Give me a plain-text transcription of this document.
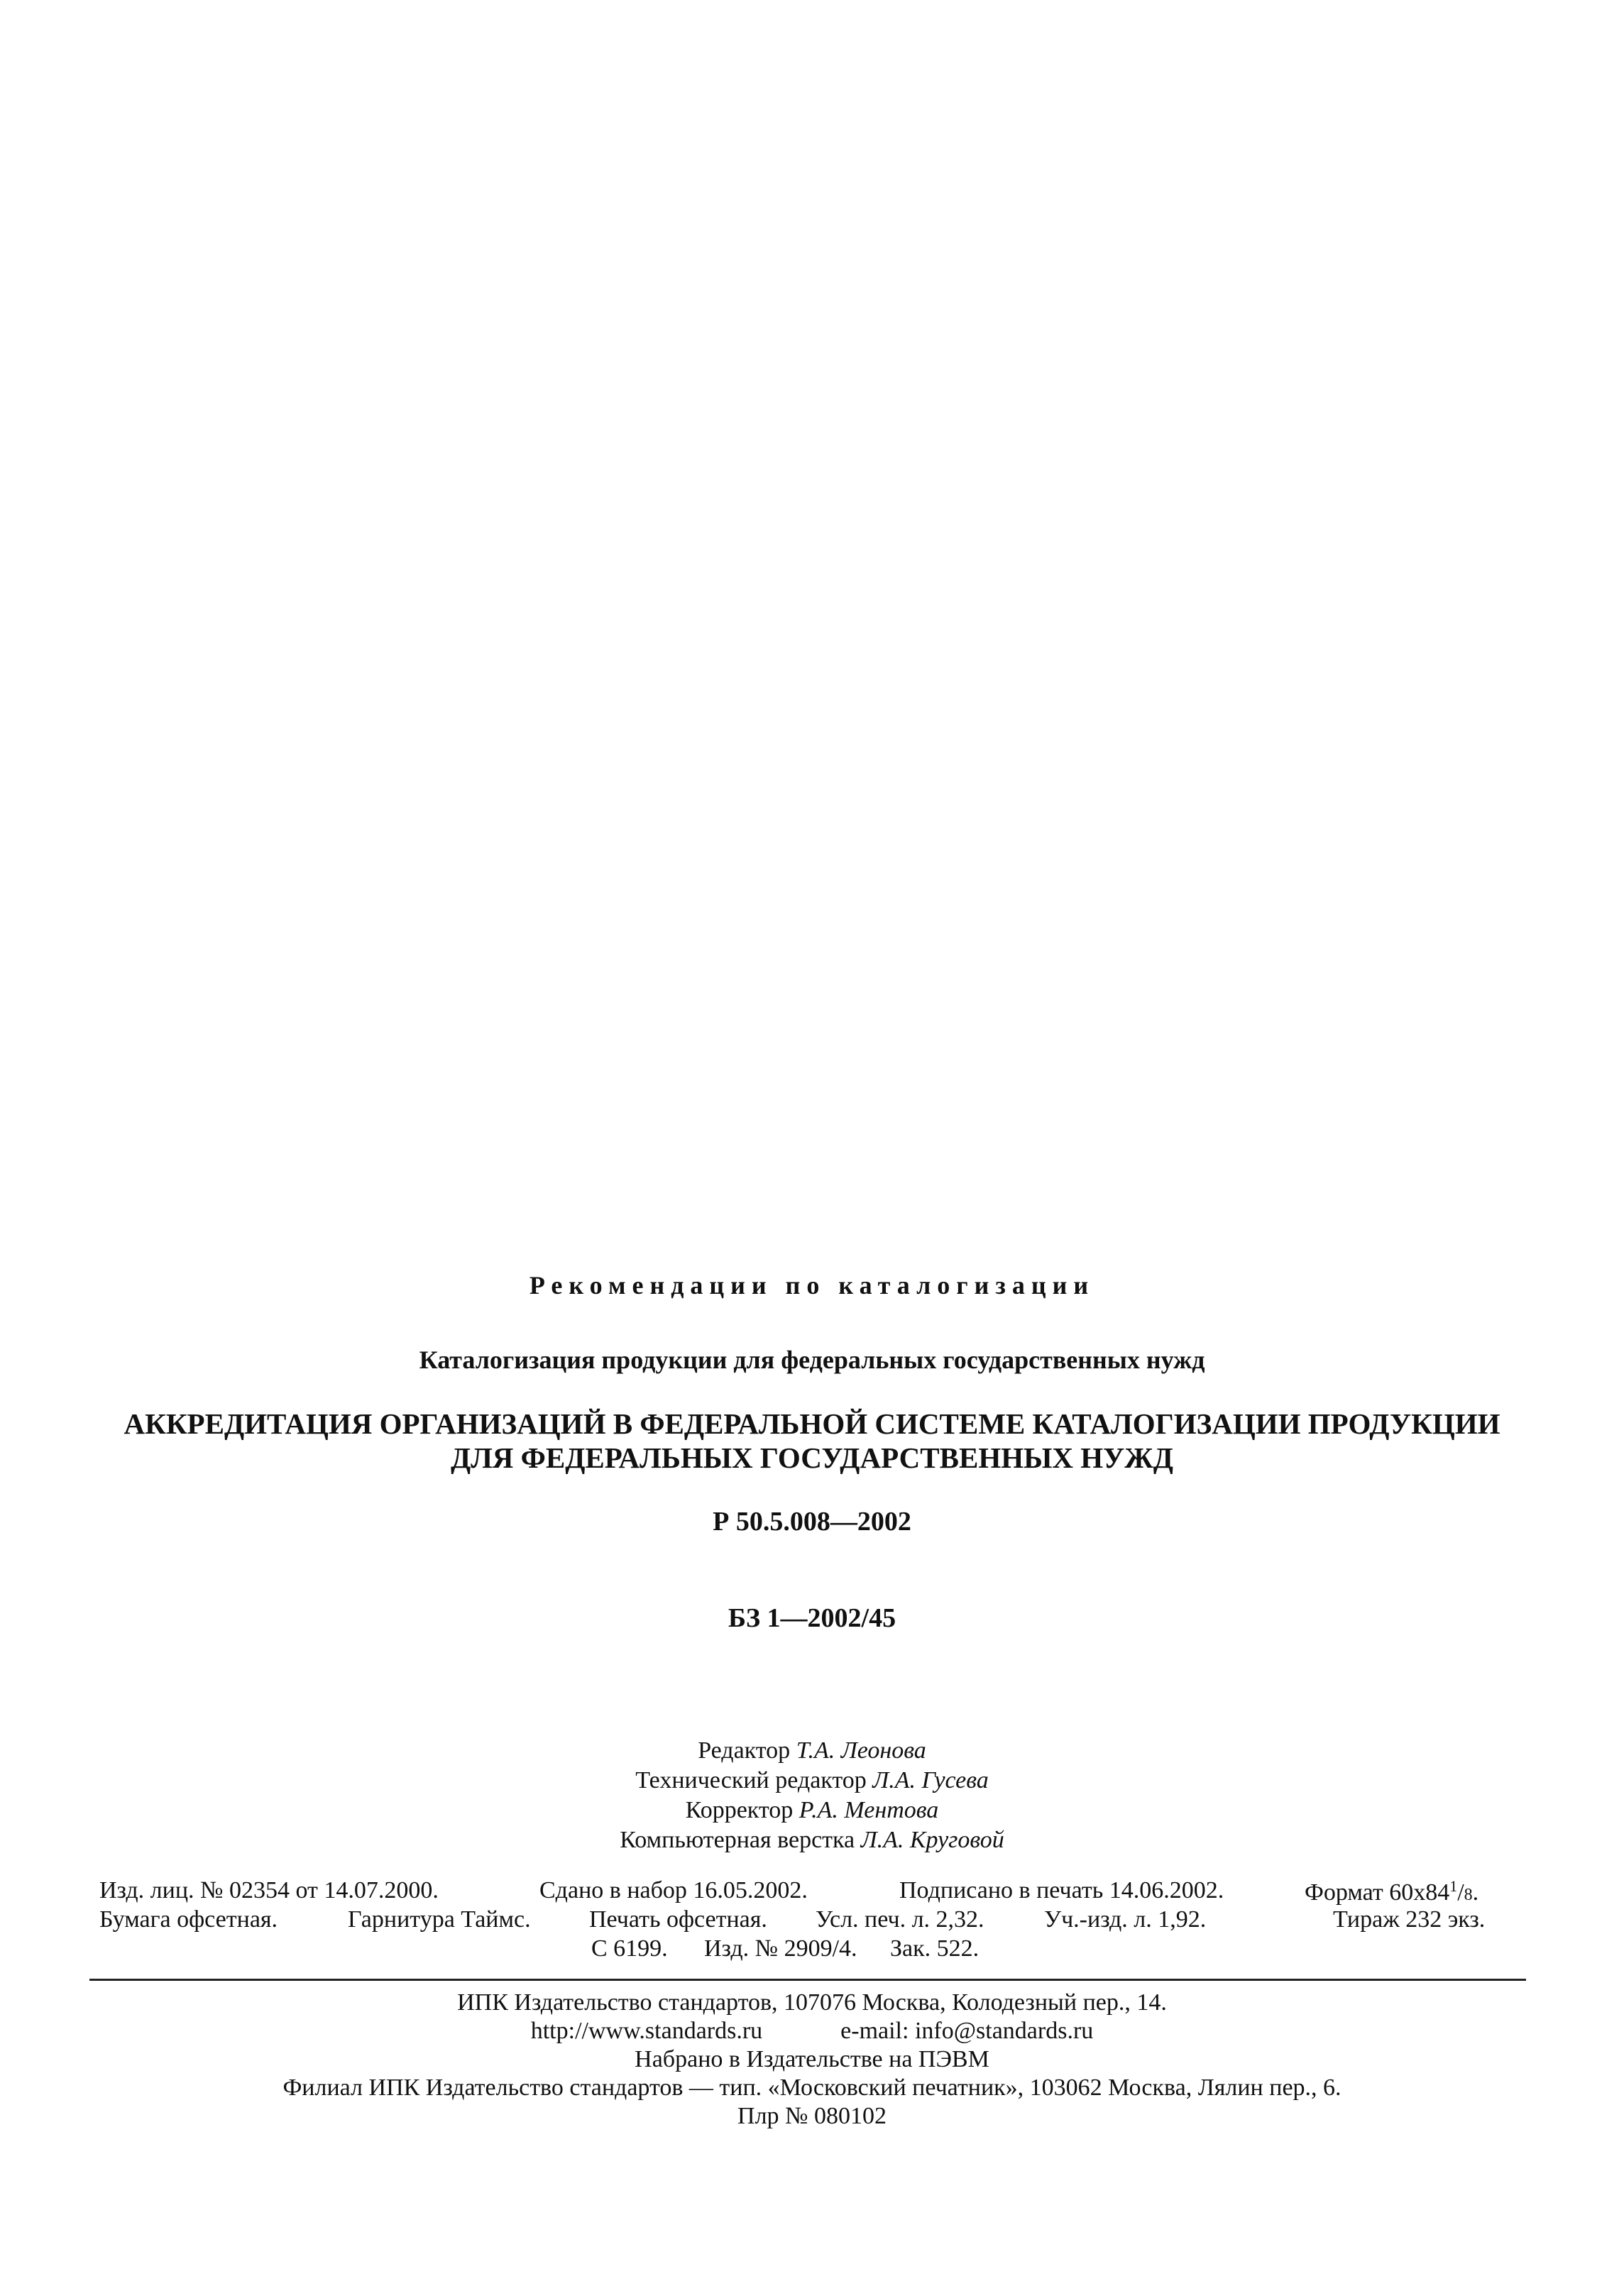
Рекомендации по каталогизации
Каталогизация продукции для федеральных государственных нужд
АККРЕДИТАЦИЯ ОРГАНИЗАЦИЙ В ФЕДЕРАЛЬНОЙ СИСТЕМЕ КАТАЛОГИЗАЦИИ ПРОДУКЦИИ
ДЛЯ ФЕДЕРАЛЬНЫХ ГОСУДАРСТВЕННЫХ НУЖД
Р 50.5.008—2002
БЗ 1—2002/45
Редактор Т.А. Леонова
Технический редактор Л.А. Гусева
Корректор Р.А. Ментова
Компьютерная верстка Л.А. Круговой
Изд. лиц. № 02354 от 14.07.2000.	Сдано в набор 16.05.2002.	Подписано в печать 14.06.2002.	Формат $60x84^1/8$.
Бумага офсетная.	Гарнитура Таймс. Печать офсетная. Усл. печ. л. 2,32. Уч.-изд. л. 1,92.	Тираж 232 экз.
С 6199. Изд. № 2909/4. Зак. 522.
ИПК Издательство стандартов, 107076 Москва, Колодезный пер., 14.
http://www.standards.ru	e-mail: info@standards.ru
Набрано в Издательстве на ПЭВМ
Филиал ИПК Издательство стандартов — тип. «Московский печатник», 103062 Москва, Лялин пер., 6.
Плр № 080102
